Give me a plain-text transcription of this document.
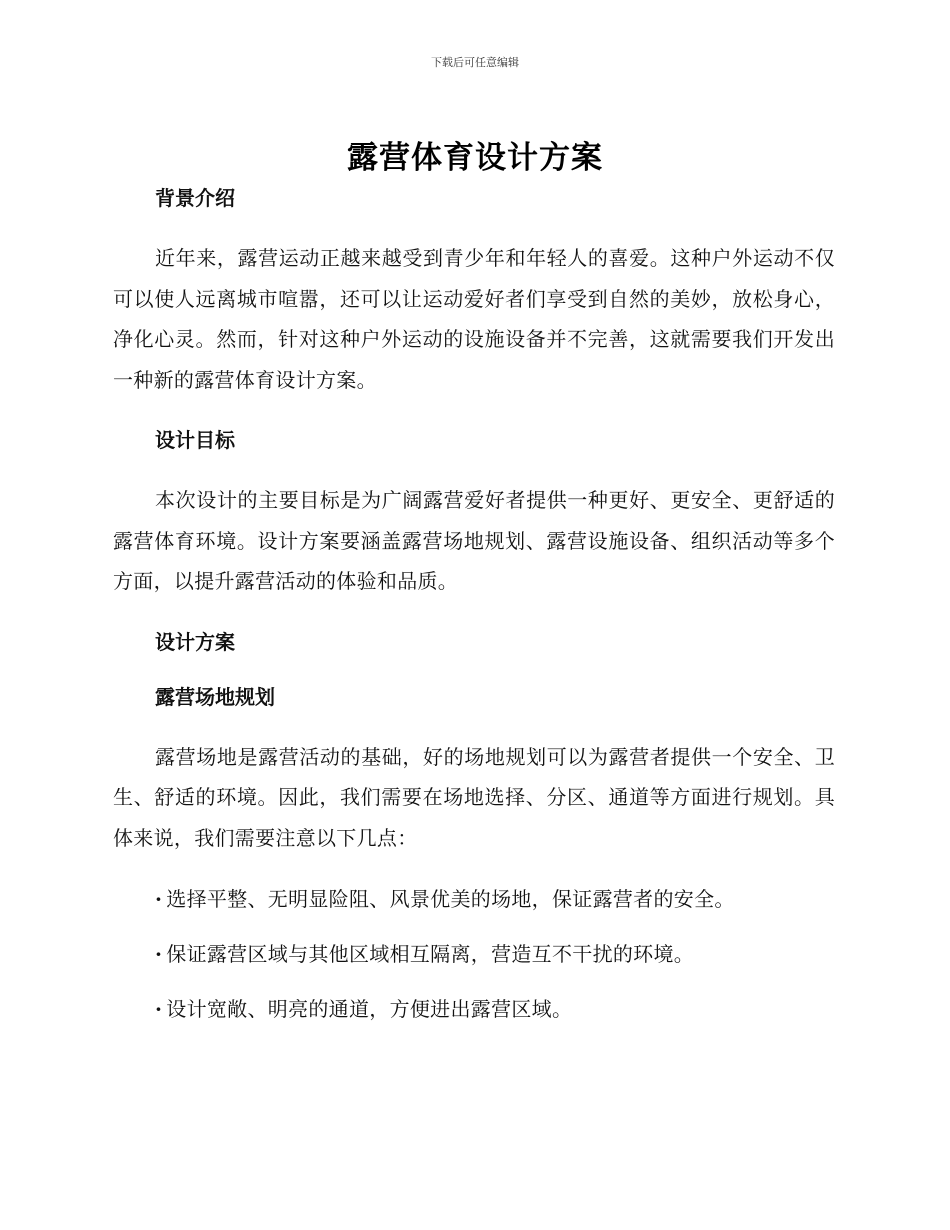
下载后可任意编辑
露营体育设计方案
背景介绍

近年来，露营运动正越来越受到青少年和年轻人的喜爱。这种户外运动不仅可以使人远离城市喧嚣，还可以让运动爱好者们享受到自然的美妙，放松身心，净化心灵。然而，针对这种户外运动的设施设备并不完善，这就需要我们开发出一种新的露营体育设计方案。

设计目标

本次设计的主要目标是为广阔露营爱好者提供一种更好、更安全、更舒适的露营体育环境。设计方案要涵盖露营场地规划、露营设施设备、组织活动等多个方面，以提升露营活动的体验和品质。

设计方案
露营场地规划

露营场地是露营活动的基础，好的场地规划可以为露营者提供一个安全、卫生、舒适的环境。因此，我们需要在场地选择、分区、通道等方面进行规划。具体来说，我们需要注意以下几点：

· 选择平整、无明显险阻、风景优美的场地，保证露营者的安全。
· 保证露营区域与其他区域相互隔离，营造互不干扰的环境。
· 设计宽敞、明亮的通道，方便进出露营区域。
